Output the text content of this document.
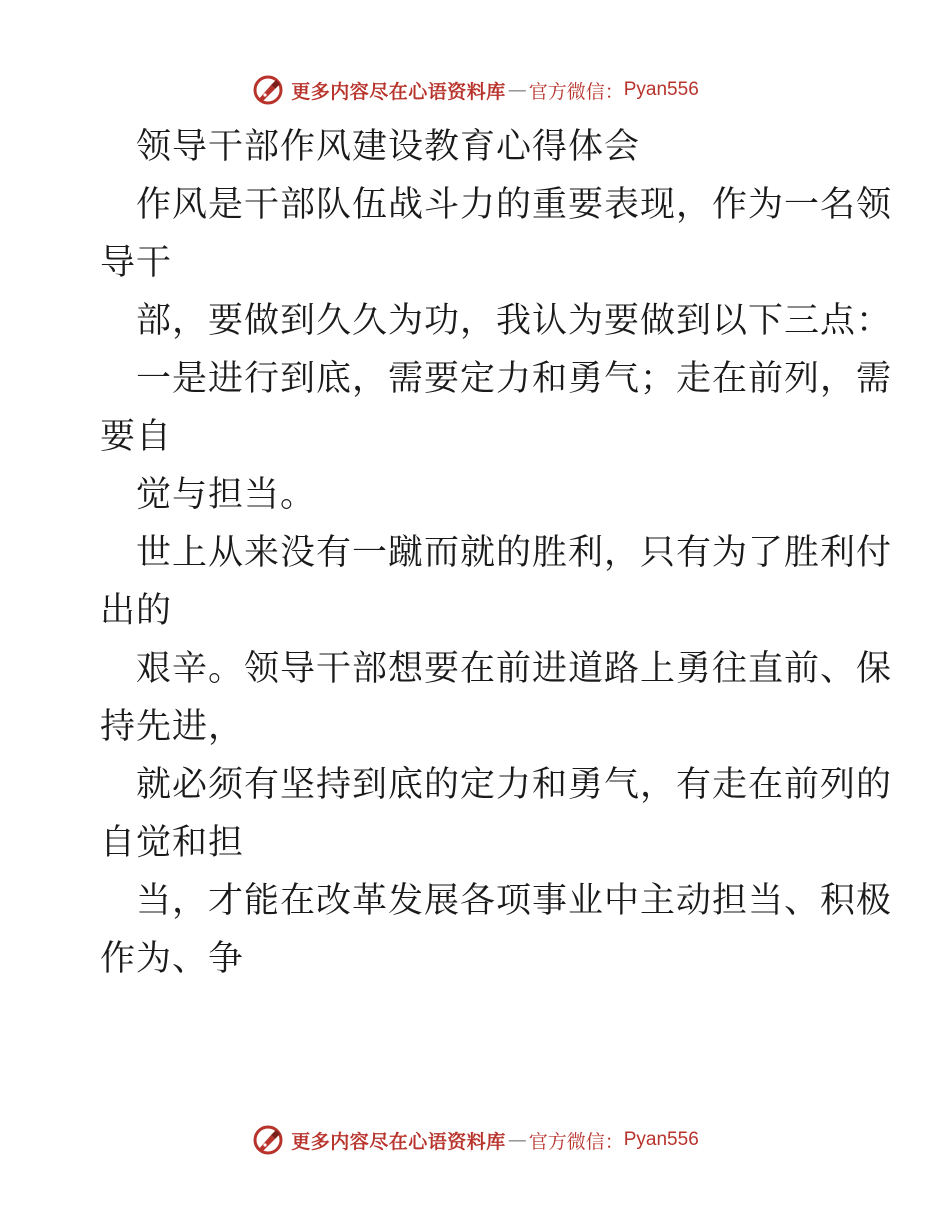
更多内容尽在心语资料库 — 官方微信： Pyan556
领导干部作风建设教育心得体会
作风是干部队伍战斗力的重要表现，作为一名领
导干
部，要做到久久为功，我认为要做到以下三点：
一是进行到底，需要定力和勇气；走在前列，需
要自
觉与担当。
世上从来没有一蹴而就的胜利，只有为了胜利付
出的
艰辛。领导干部想要在前进道路上勇往直前、保
持先进，
就必须有坚持到底的定力和勇气，有走在前列的
自觉和担
当，才能在改革发展各项事业中主动担当、积极
作为、争
更多内容尽在心语资料库 — 官方微信： Pyan556
